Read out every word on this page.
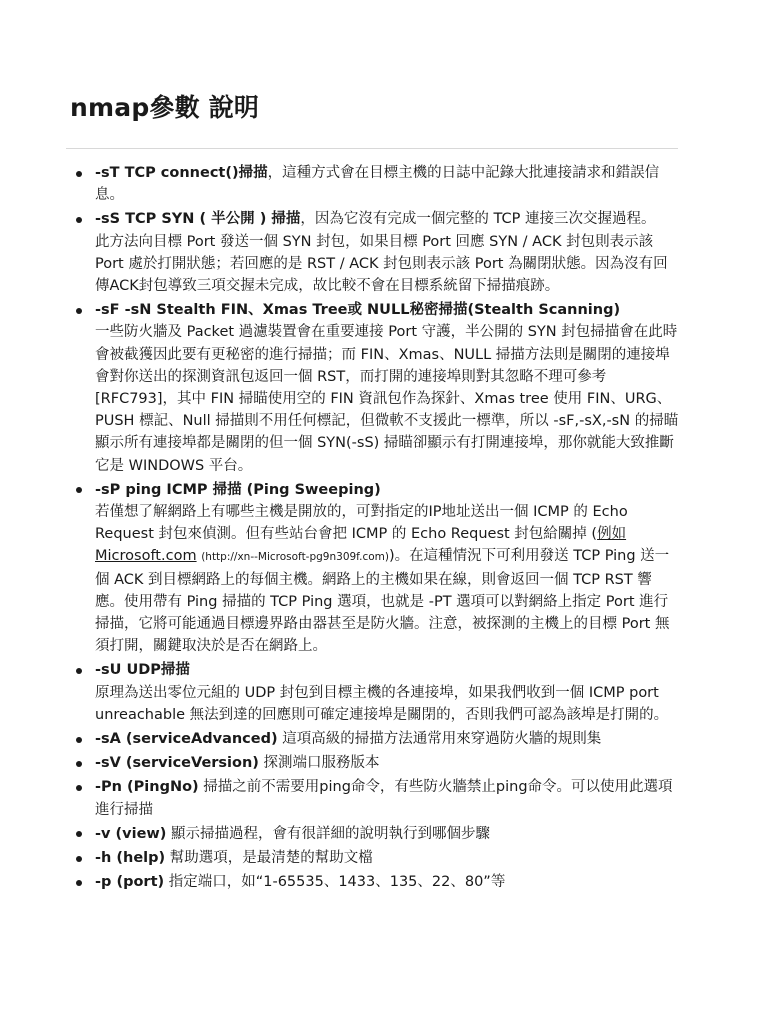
nmap參數 說明
-sT TCP connect()掃描，這種方式會在目標主機的日誌中記錄大批連接請求和錯誤信息。
-sS TCP SYN ( 半公開 ) 掃描，因為它沒有完成一個完整的 TCP 連接三次交握過程。
此方法向目標 Port 發送一個 SYN 封包，如果目標 Port 回應 SYN / ACK 封包則表示該 Port 處於打開狀態；若回應的是 RST / ACK 封包則表示該 Port 為關閉狀態。因為沒有回傳ACK封包導致三項交握未完成，故比較不會在目標系統留下掃描痕跡。
-sF -sN Stealth FIN、Xmas Tree或 NULL秘密掃描(Stealth Scanning)
一些防火牆及 Packet 過濾裝置會在重要連接 Port 守護，半公開的 SYN 封包掃描會在此時會被截獲因此要有更秘密的進行掃描；而 FIN、Xmas、NULL 掃描方法則是關閉的連接埠會對你送出的探測資訊包返回一個 RST，而打開的連接埠則對其忽略不理可參考 [RFC793]，其中 FIN 掃瞄使用空的 FIN 資訊包作為探針、Xmas tree 使用 FIN、URG、PUSH 標記、Null 掃描則不用任何標記，但微軟不支援此一標準，所以 -sF,-sX,-sN 的掃瞄顯示所有連接埠都是關閉的但一個 SYN(-sS) 掃瞄卻顯示有打開連接埠，那你就能大致推斷它是 WINDOWS 平台。
-sP ping ICMP 掃描 (Ping Sweeping)
若僅想了解網路上有哪些主機是開放的，可對指定的IP地址送出一個 ICMP 的 Echo Request 封包來偵測。但有些站台會把 ICMP 的 Echo Request 封包給關掉 (例如Microsoft.com (http://xn--Microsoft-pg9n309f.com))。在這種情況下可利用發送 TCP Ping 送一個 ACK 到目標網路上的每個主機。網路上的主機如果在線，則會返回一個 TCP RST 響應。使用帶有 Ping 掃描的 TCP Ping 選項，也就是 -PT 選項可以對網絡上指定 Port 進行掃描，它將可能通過目標邊界路由器甚至是防火牆。注意，被探測的主機上的目標 Port 無須打開，關鍵取決於是否在網路上。
-sU UDP掃描
原理為送出零位元組的 UDP 封包到目標主機的各連接埠，如果我們收到一個 ICMP port unreachable 無法到達的回應則可確定連接埠是關閉的，否則我們可認為該埠是打開的。
-sA (serviceAdvanced) 這項高級的掃描方法通常用來穿過防火牆的規則集
-sV (serviceVersion) 探測端口服務版本
-Pn (PingNo) 掃描之前不需要用ping命令，有些防火牆禁止ping命令。可以使用此選項進行掃描
-v (view) 顯示掃描過程，會有很詳細的說明執行到哪個步驟
-h (help) 幫助選項，是最清楚的幫助文檔
-p (port) 指定端口，如“1-65535、1433、135、22、80”等
